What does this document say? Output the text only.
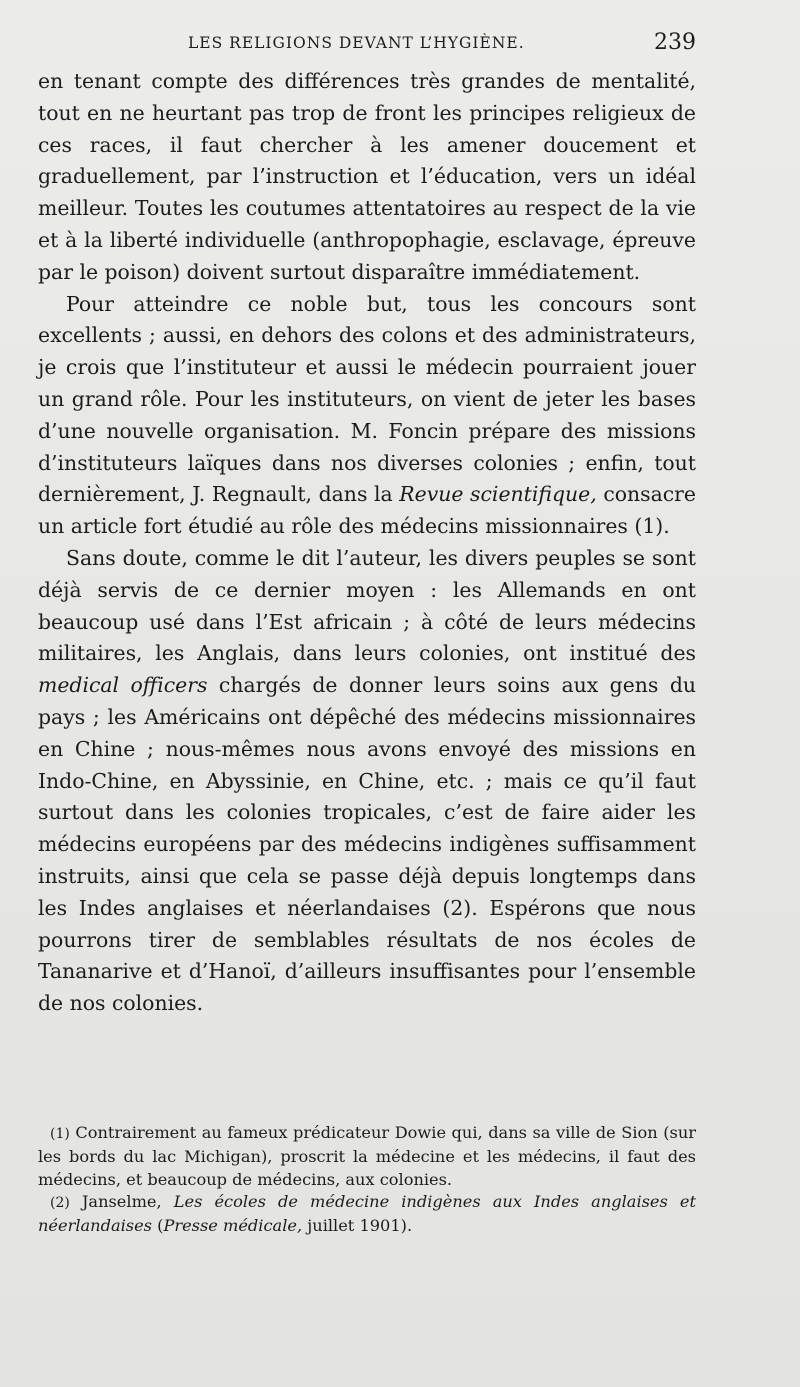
LES RELIGIONS DEVANT L’HYGIÈNE.	239

en tenant compte des différences très grandes de mentalité, tout en ne heurtant pas trop de front les principes religieux de ces races, il faut chercher à les amener doucement et graduellement, par l’instruction et l’éducation, vers un idéal meilleur. Toutes les coutumes attentatoires au respect de la vie et à la liberté individuelle (anthropophagie, esclavage, épreuve par le poison) doivent surtout disparaître immédiatement.

Pour atteindre ce noble but, tous les concours sont excellents ; aussi, en dehors des colons et des administrateurs, je crois que l’instituteur et aussi le médecin pourraient jouer un grand rôle. Pour les instituteurs, on vient de jeter les bases d’une nouvelle organisation. M. Foncin prépare des missions d’instituteurs laïques dans nos diverses colonies ; enfin, tout dernièrement, J. Regnault, dans la Revue scientifique, consacre un article fort étudié au rôle des médecins missionnaires (1).

Sans doute, comme le dit l’auteur, les divers peuples se sont déjà servis de ce dernier moyen : les Allemands en ont beaucoup usé dans l’Est africain ; à côté de leurs médecins militaires, les Anglais, dans leurs colonies, ont institué des medical officers chargés de donner leurs soins aux gens du pays ; les Américains ont dépêché des médecins missionnaires en Chine ; nous-mêmes nous avons envoyé des missions en Indo-Chine, en Abyssinie, en Chine, etc. ; mais ce qu’il faut surtout dans les colonies tropicales, c’est de faire aider les médecins européens par des médecins indigènes suffisamment instruits, ainsi que cela se passe déjà depuis longtemps dans les Indes anglaises et néerlandaises (2). Espérons que nous pourrons tirer de semblables résultats de nos écoles de Tananarive et d’Hanoï, d’ailleurs insuffisantes pour l’ensemble de nos colonies.

(1) Contrairement au fameux prédicateur Dowie qui, dans sa ville de Sion (sur les bords du lac Michigan), proscrit la médecine et les médecins, il faut des médecins, et beaucoup de médecins, aux colonies.

(2) Janselme, Les écoles de médecine indigènes aux Indes anglaises et néerlandaises (Presse médicale, juillet 1901).
